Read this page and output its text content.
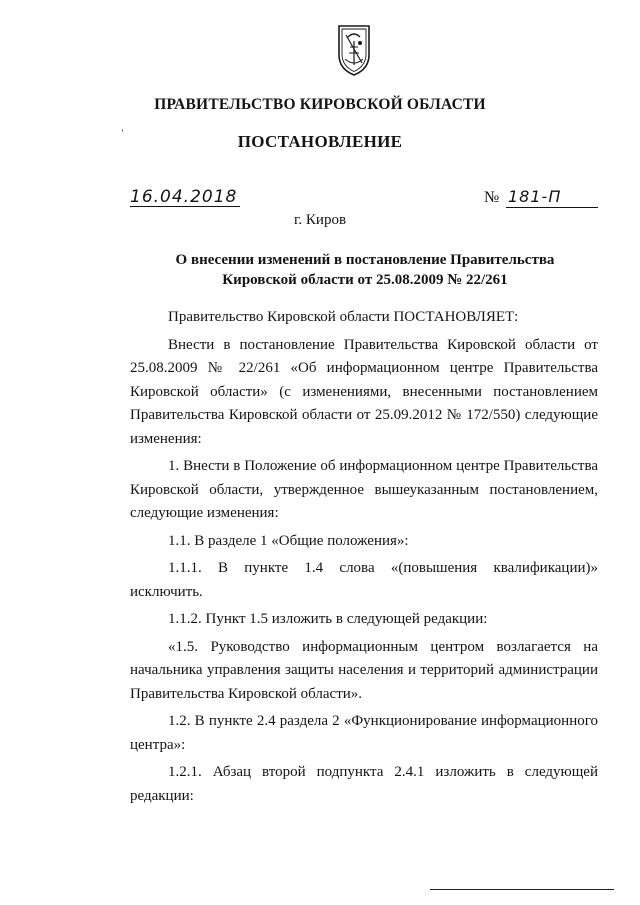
ПРАВИТЕЛЬСТВО КИРОВСКОЙ ОБЛАСТИ
ПОСТАНОВЛЕНИЕ
16.04.2018	№ 181-П
г. Киров
О внесении изменений в постановление Правительства Кировской области от 25.08.2009 № 22/261

Правительство Кировской области ПОСТАНОВЛЯЕТ:

Внести в постановление Правительства Кировской области от 25.08.2009 № 22/261 «Об информационном центре Правительства Кировской области» (с изменениями, внесенными постановлением Правительства Кировской области от 25.09.2012 № 172/550) следующие изменения:

1. Внести в Положение об информационном центре Правительства Кировской области, утвержденное вышеуказанным постановлением, следующие изменения:

1.1. В разделе 1 «Общие положения»:

1.1.1. В пункте 1.4 слова «(повышения квалификации)» исключить.

1.1.2. Пункт 1.5 изложить в следующей редакции:

«1.5. Руководство информационным центром возлагается на начальника управления защиты населения и территорий администрации Правительства Кировской области».

1.2. В пункте 2.4 раздела 2 «Функционирование информационного центра»:

1.2.1. Абзац второй подпункта 2.4.1 изложить в следующей редакции:
